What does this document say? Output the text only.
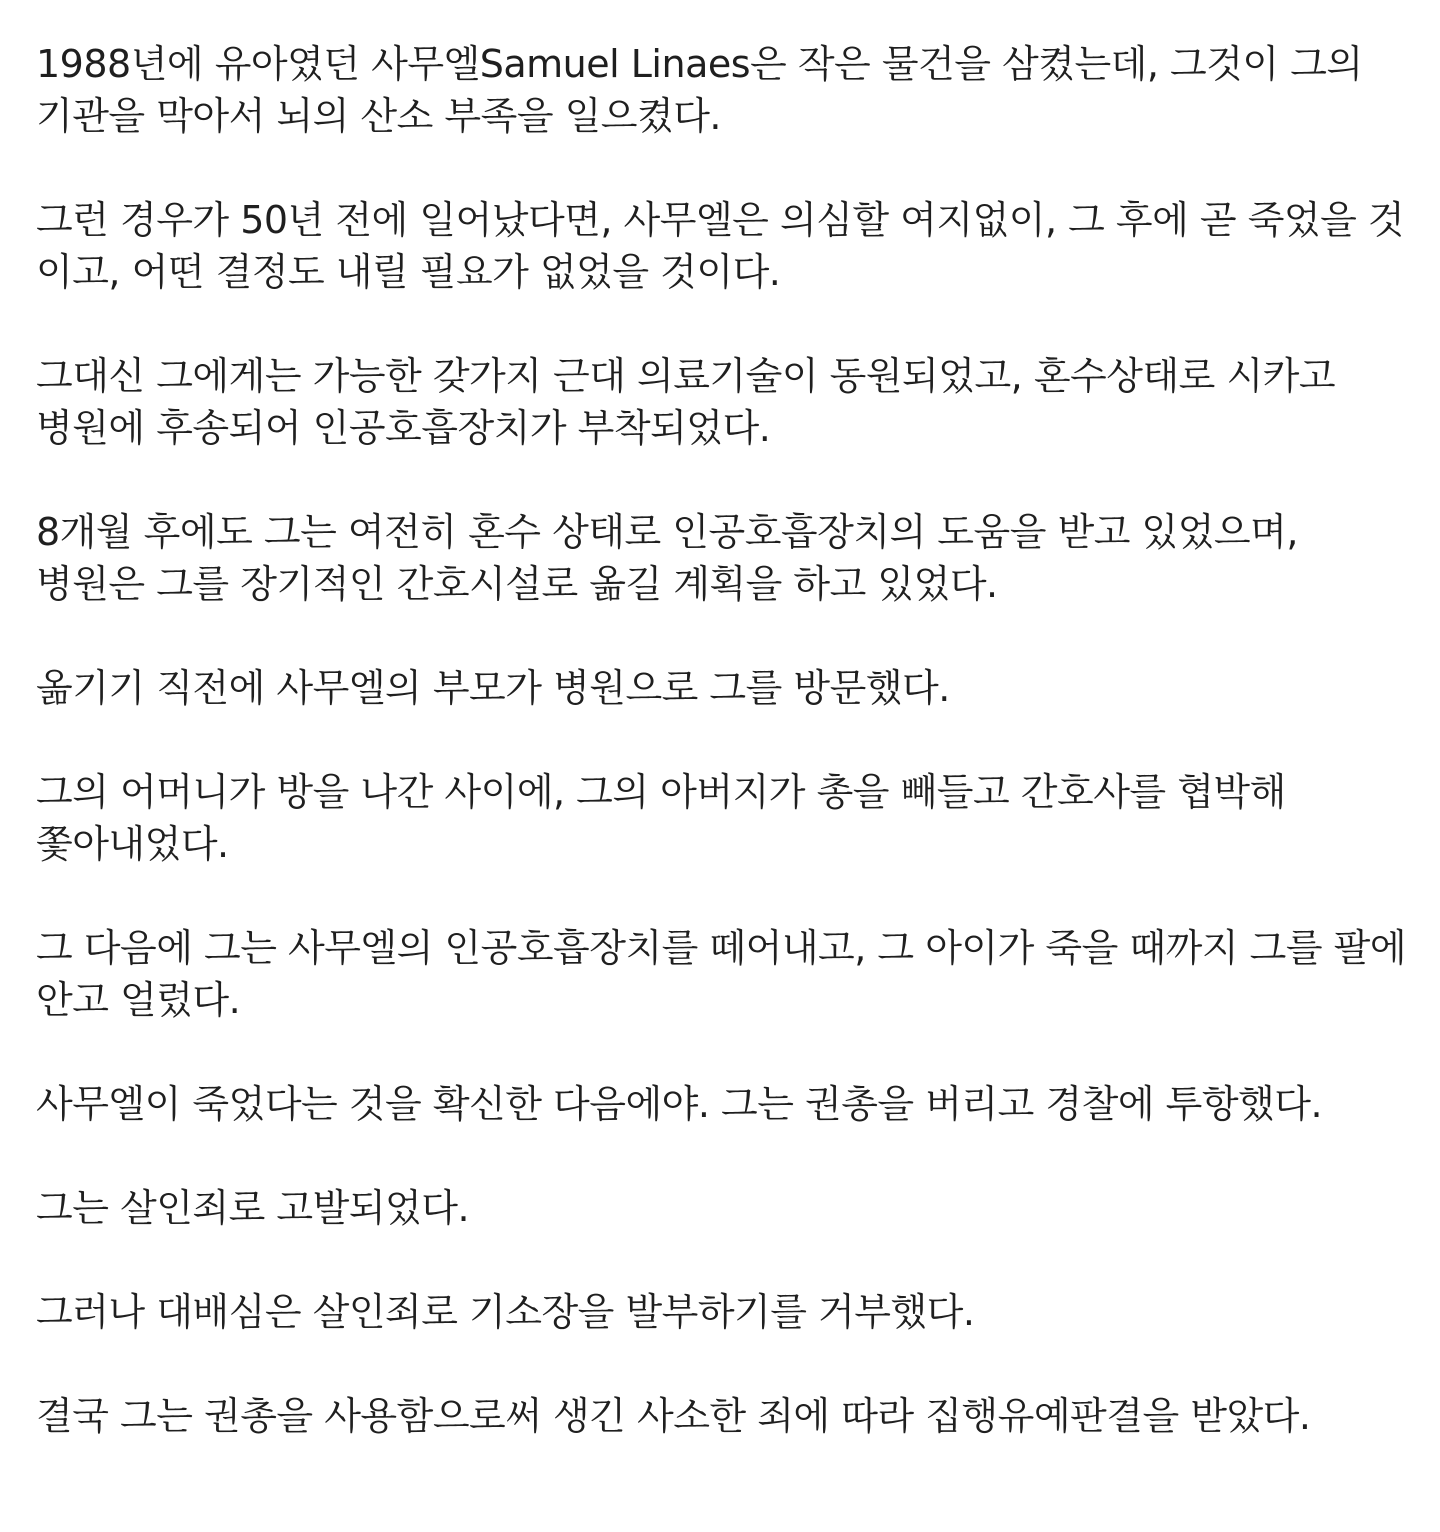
1988년에 유아였던 사무엘Samuel Linaes은 작은 물건을 삼켰는데, 그것이 그의 기관을 막아서 뇌의 산소 부족을 일으켰다.

그런 경우가 50년 전에 일어났다면, 사무엘은 의심할 여지없이, 그 후에 곧 죽었을 것 이고, 어떤 결정도 내릴 필요가 없었을 것이다.

그대신 그에게는 가능한 갖가지 근대 의료기술이 동원되었고, 혼수상태로 시카고 병원에 후송되어 인공호흡장치가 부착되었다.

8개월 후에도 그는 여전히 혼수 상태로 인공호흡장치의 도움을 받고 있었으며, 병원은 그를 장기적인 간호시설로 옮길 계획을 하고 있었다.

옮기기 직전에 사무엘의 부모가 병원으로 그를 방문했다.

그의 어머니가 방을 나간 사이에, 그의 아버지가 총을 빼들고 간호사를 협박해 쫓아내었다.

그 다음에 그는 사무엘의 인공호흡장치를 떼어내고, 그 아이가 죽을 때까지 그를 팔에 안고 얼렀다.

사무엘이 죽었다는 것을 확신한 다음에야. 그는 권총을 버리고 경찰에 투항했다.

그는 살인죄로 고발되었다.

그러나 대배심은 살인죄로 기소장을 발부하기를 거부했다.

결국 그는 권총을 사용함으로써 생긴 사소한 죄에 따라 집행유예판결을 받았다.
